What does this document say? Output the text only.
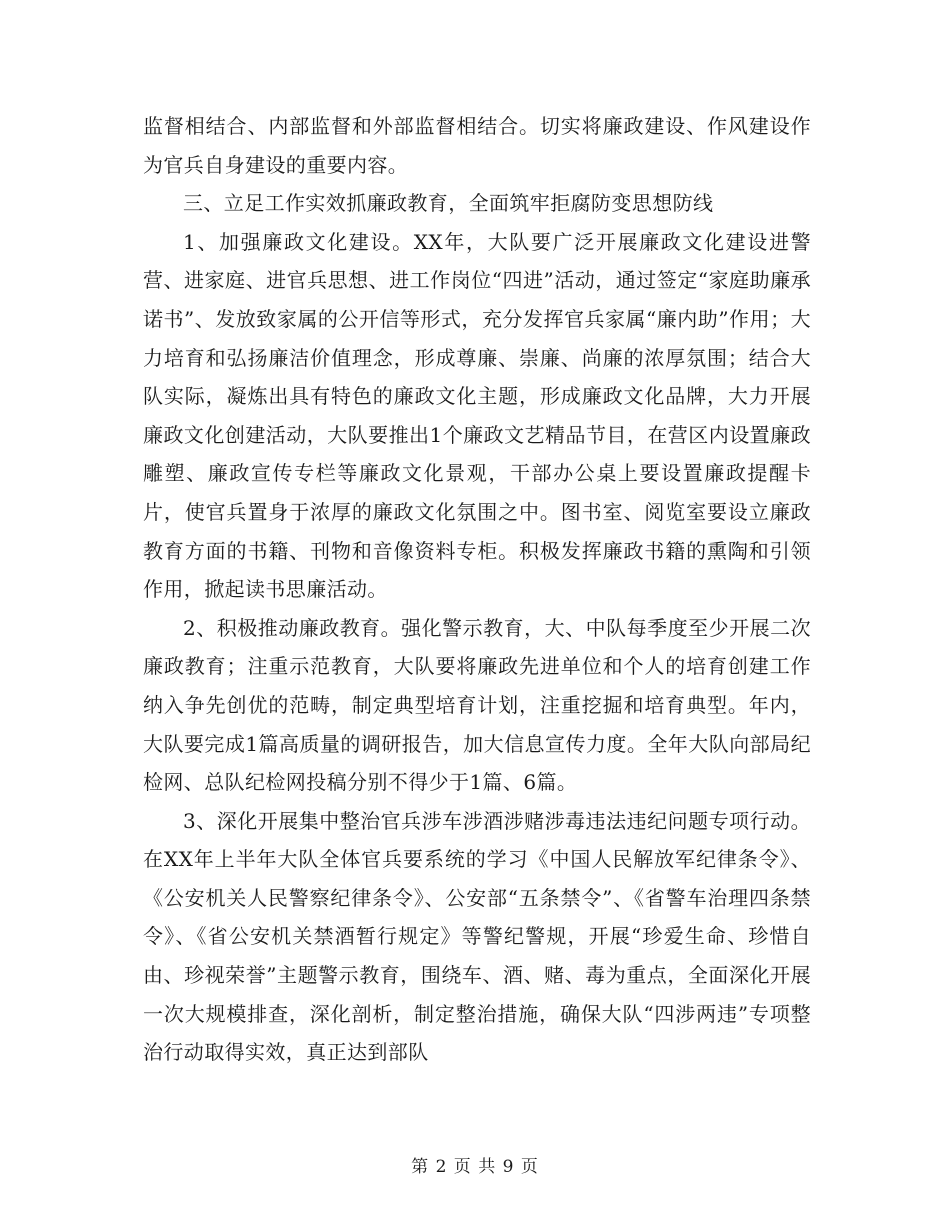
监督相结合、内部监督和外部监督相结合。切实将廉政建设、作风建设作为官兵自身建设的重要内容。

三、立足工作实效抓廉政教育，全面筑牢拒腐防变思想防线

1、加强廉政文化建设。XX年，大队要广泛开展廉政文化建设进警营、进家庭、进官兵思想、进工作岗位“四进”活动，通过签定“家庭助廉承诺书”、发放致家属的公开信等形式，充分发挥官兵家属“廉内助”作用；大力培育和弘扬廉洁价值理念，形成尊廉、崇廉、尚廉的浓厚氛围；结合大队实际，凝炼出具有特色的廉政文化主题，形成廉政文化品牌，大力开展廉政文化创建活动，大队要推出1个廉政文艺精品节目，在营区内设置廉政雕塑、廉政宣传专栏等廉政文化景观，干部办公桌上要设置廉政提醒卡片，使官兵置身于浓厚的廉政文化氛围之中。图书室、阅览室要设立廉政教育方面的书籍、刊物和音像资料专柜。积极发挥廉政书籍的熏陶和引领作用，掀起读书思廉活动。

2、积极推动廉政教育。强化警示教育，大、中队每季度至少开展二次廉政教育；注重示范教育，大队要将廉政先进单位和个人的培育创建工作纳入争先创优的范畴，制定典型培育计划，注重挖掘和培育典型。年内，大队要完成1篇高质量的调研报告，加大信息宣传力度。全年大队向部局纪检网、总队纪检网投稿分别不得少于1篇、6篇。

3、深化开展集中整治官兵涉车涉酒涉赌涉毒违法违纪问题专项行动。在XX年上半年大队全体官兵要系统的学习《中国人民解放军纪律条令》、《公安机关人民警察纪律条令》、公安部“五条禁令”、《省警车治理四条禁令》、《省公安机关禁酒暂行规定》等警纪警规，开展“珍爱生命、珍惜自由、珍视荣誉”主题警示教育，围绕车、酒、赌、毒为重点，全面深化开展一次大规模排查，深化剖析，制定整治措施，确保大队“四涉两违”专项整治行动取得实效，真正达到部队

第 2 页 共 9 页
